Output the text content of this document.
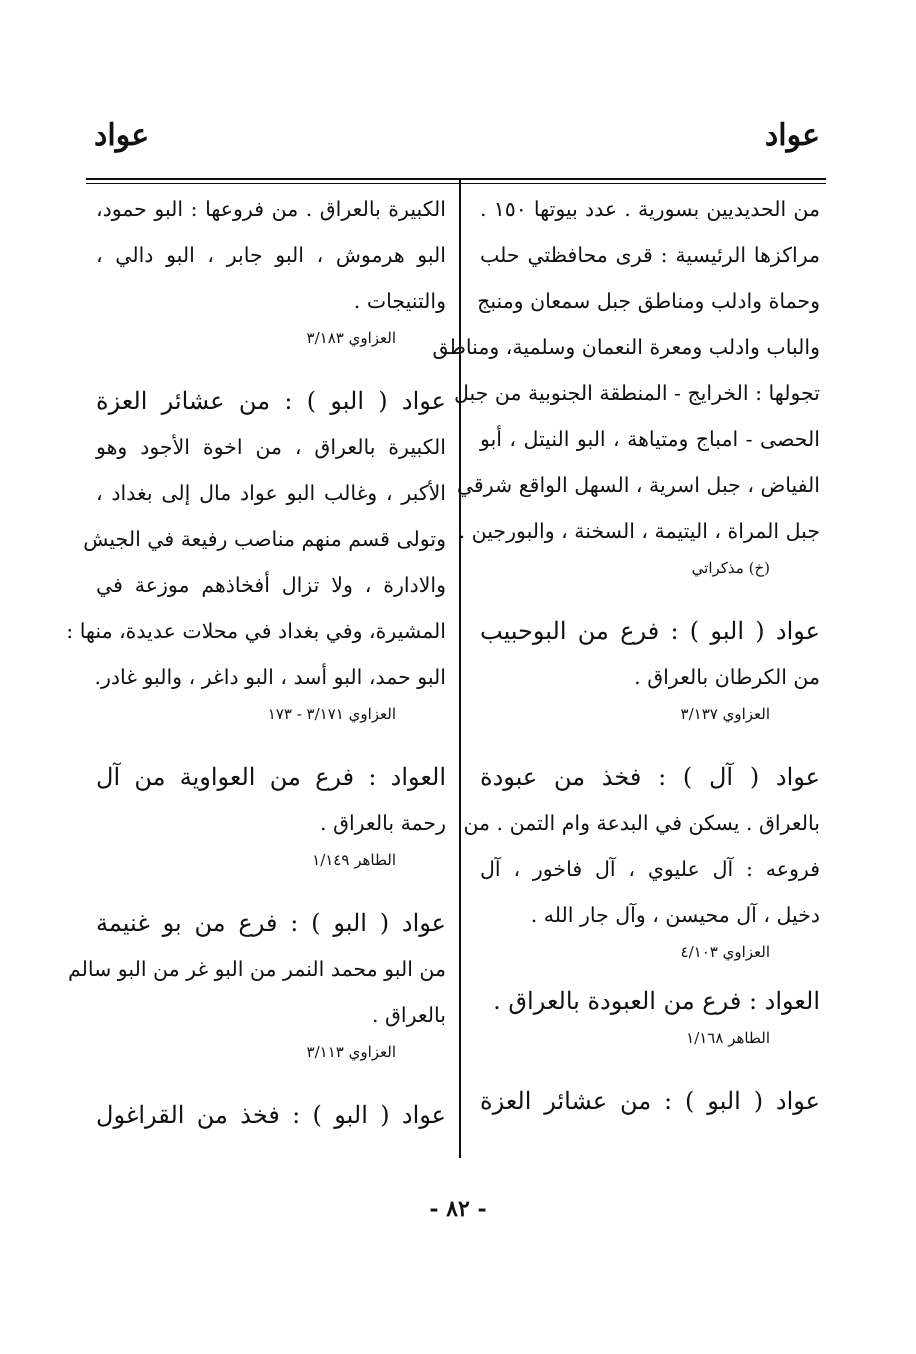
عواد
عواد
من الحديديين بسورية . عدد بيوتها ١٥٠ .
مراكزها الرئيسية : قرى محافظتي حلب
وحماة وادلب ومناطق جبل سمعان ومنبج
والباب وادلب ومعرة النعمان وسلمية، ومناطق
تجولها : الخرايج - المنطقة الجنوبية من جبل
الحصى - امباج ومتياهة ، البو النيتل ، أبو
الفياض ، جبل اسرية ، السهل الواقع شرقي
جبل المراة ، اليتيمة ، السخنة ، والبورجين .
(خ) مذكراتي
عواد ( البو ) : فرع من البوحبيب
من الكرطان بالعراق .
العزاوي ٣/١٣٧
عواد ( آل ) : فخذ من عبودة
بالعراق . يسكن في البدعة وام التمن . من
فروعه : آل عليوي ، آل فاخور ، آل
دخيل ، آل محيسن ، وآل جار الله .
العزاوي ٤/١٠٣
العواد : فرع من العبودة بالعراق .
الطاهر ١/١٦٨
عواد ( البو ) : من عشائر العزة
الكبيرة بالعراق . من فروعها : البو حمود،
البو هرموش ، البو جابر ، البو دالي ،
والتنيجات .
العزاوي ٣/١٨٣
عواد ( البو ) : من عشائر العزة
الكبيرة بالعراق ، من اخوة الأجود وهو
الأكبر ، وغالب البو عواد مال إلى بغداد ،
وتولى قسم منهم مناصب رفيعة في الجيش
والادارة ، ولا تزال أفخاذهم موزعة في
المشيرة، وفي بغداد في محلات عديدة، منها :
البو حمد، البو أسد ، البو داغر ، والبو غادر.
العزاوي ٣/١٧١ - ١٧٣
العواد : فرع من العواوية من آل
رحمة بالعراق .
الطاهر ١/١٤٩
عواد ( البو ) : فرع من بو غنيمة
من البو محمد النمر من البو غر من البو سالم
بالعراق .
العزاوي ٣/١١٣
عواد ( البو ) : فخذ من القراغول
- ٨٢ -
